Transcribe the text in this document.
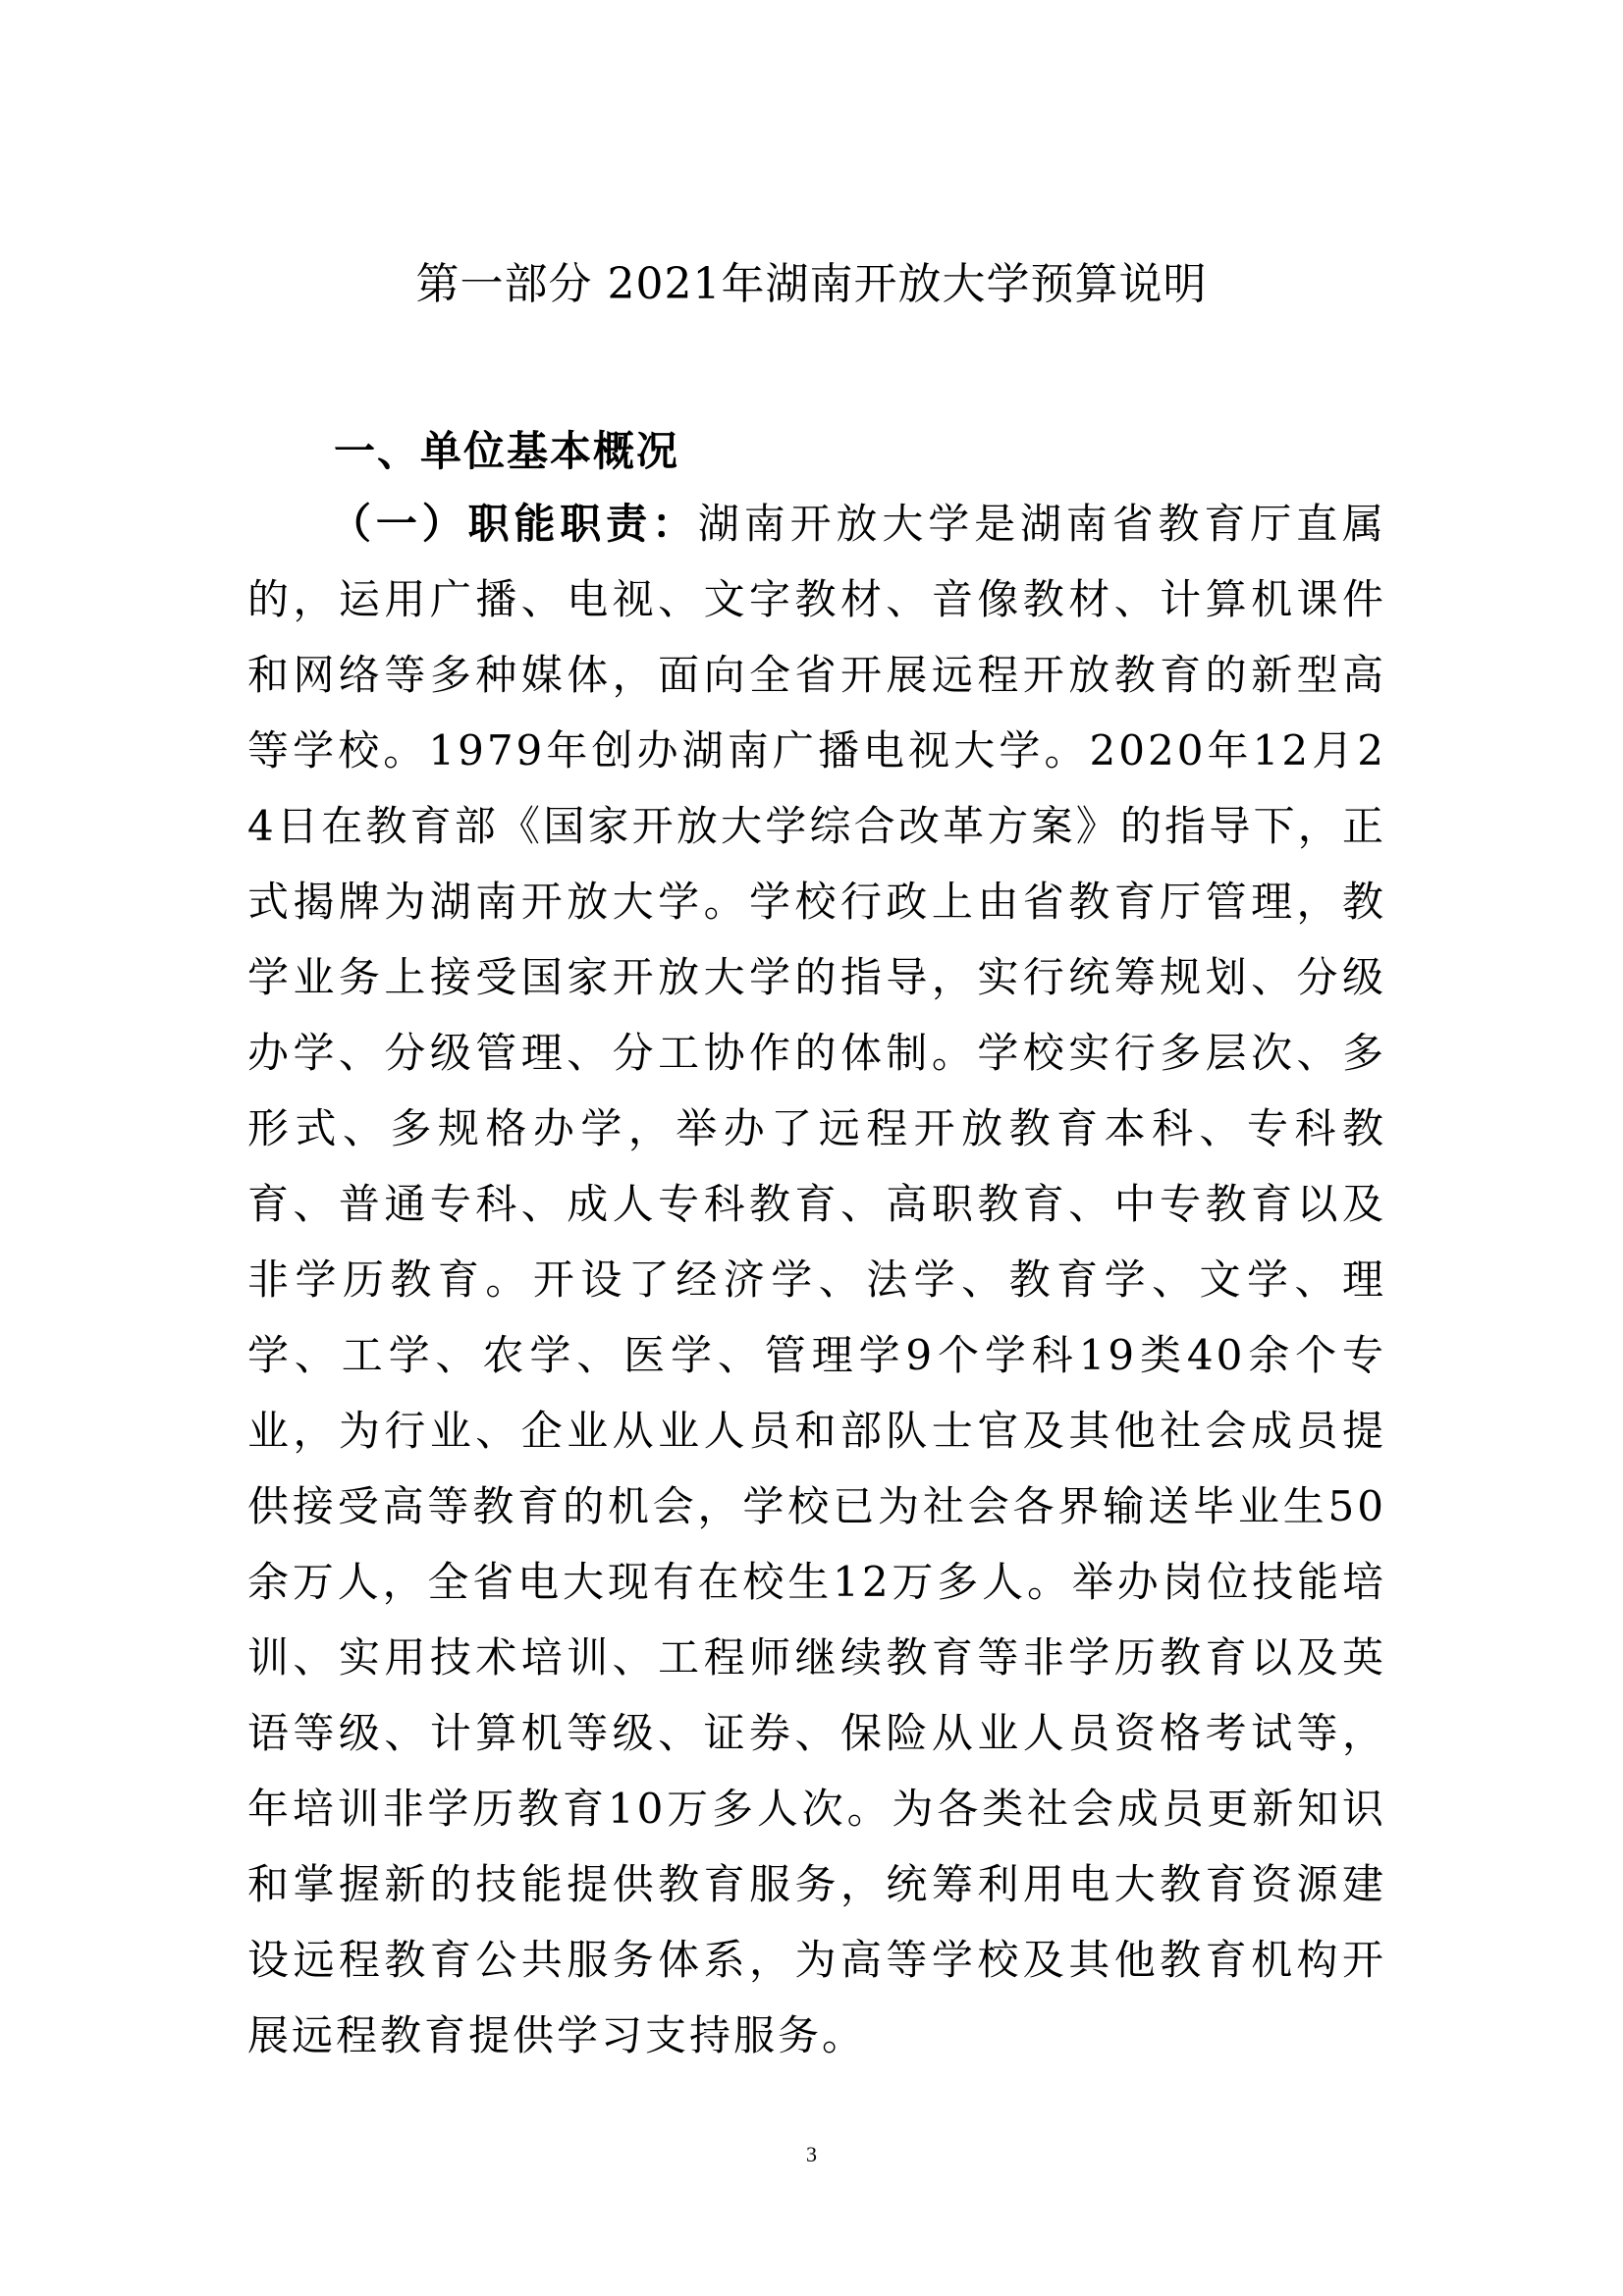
第一部分 2021年湖南开放大学预算说明
一、单位基本概况

（一）职能职责：湖南开放大学是湖南省教育厅直属的，运用广播、电视、文字教材、音像教材、计算机课件和网络等多种媒体，面向全省开展远程开放教育的新型高等学校。1979年创办湖南广播电视大学。2020年12月24日在教育部《国家开放大学综合改革方案》的指导下，正式揭牌为湖南开放大学。学校行政上由省教育厅管理，教学业务上接受国家开放大学的指导，实行统筹规划、分级办学、分级管理、分工协作的体制。学校实行多层次、多形式、多规格办学，举办了远程开放教育本科、专科教育、普通专科、成人专科教育、高职教育、中专教育以及非学历教育。开设了经济学、法学、教育学、文学、理学、工学、农学、医学、管理学9个学科19类40余个专业，为行业、企业从业人员和部队士官及其他社会成员提供接受高等教育的机会，学校已为社会各界输送毕业生50余万人，全省电大现有在校生12万多人。举办岗位技能培训、实用技术培训、工程师继续教育等非学历教育以及英语等级、计算机等级、证券、保险从业人员资格考试等，年培训非学历教育10万多人次。为各类社会成员更新知识和掌握新的技能提供教育服务，统筹利用电大教育资源建设远程教育公共服务体系，为高等学校及其他教育机构开展远程教育提供学习支持服务。

3
